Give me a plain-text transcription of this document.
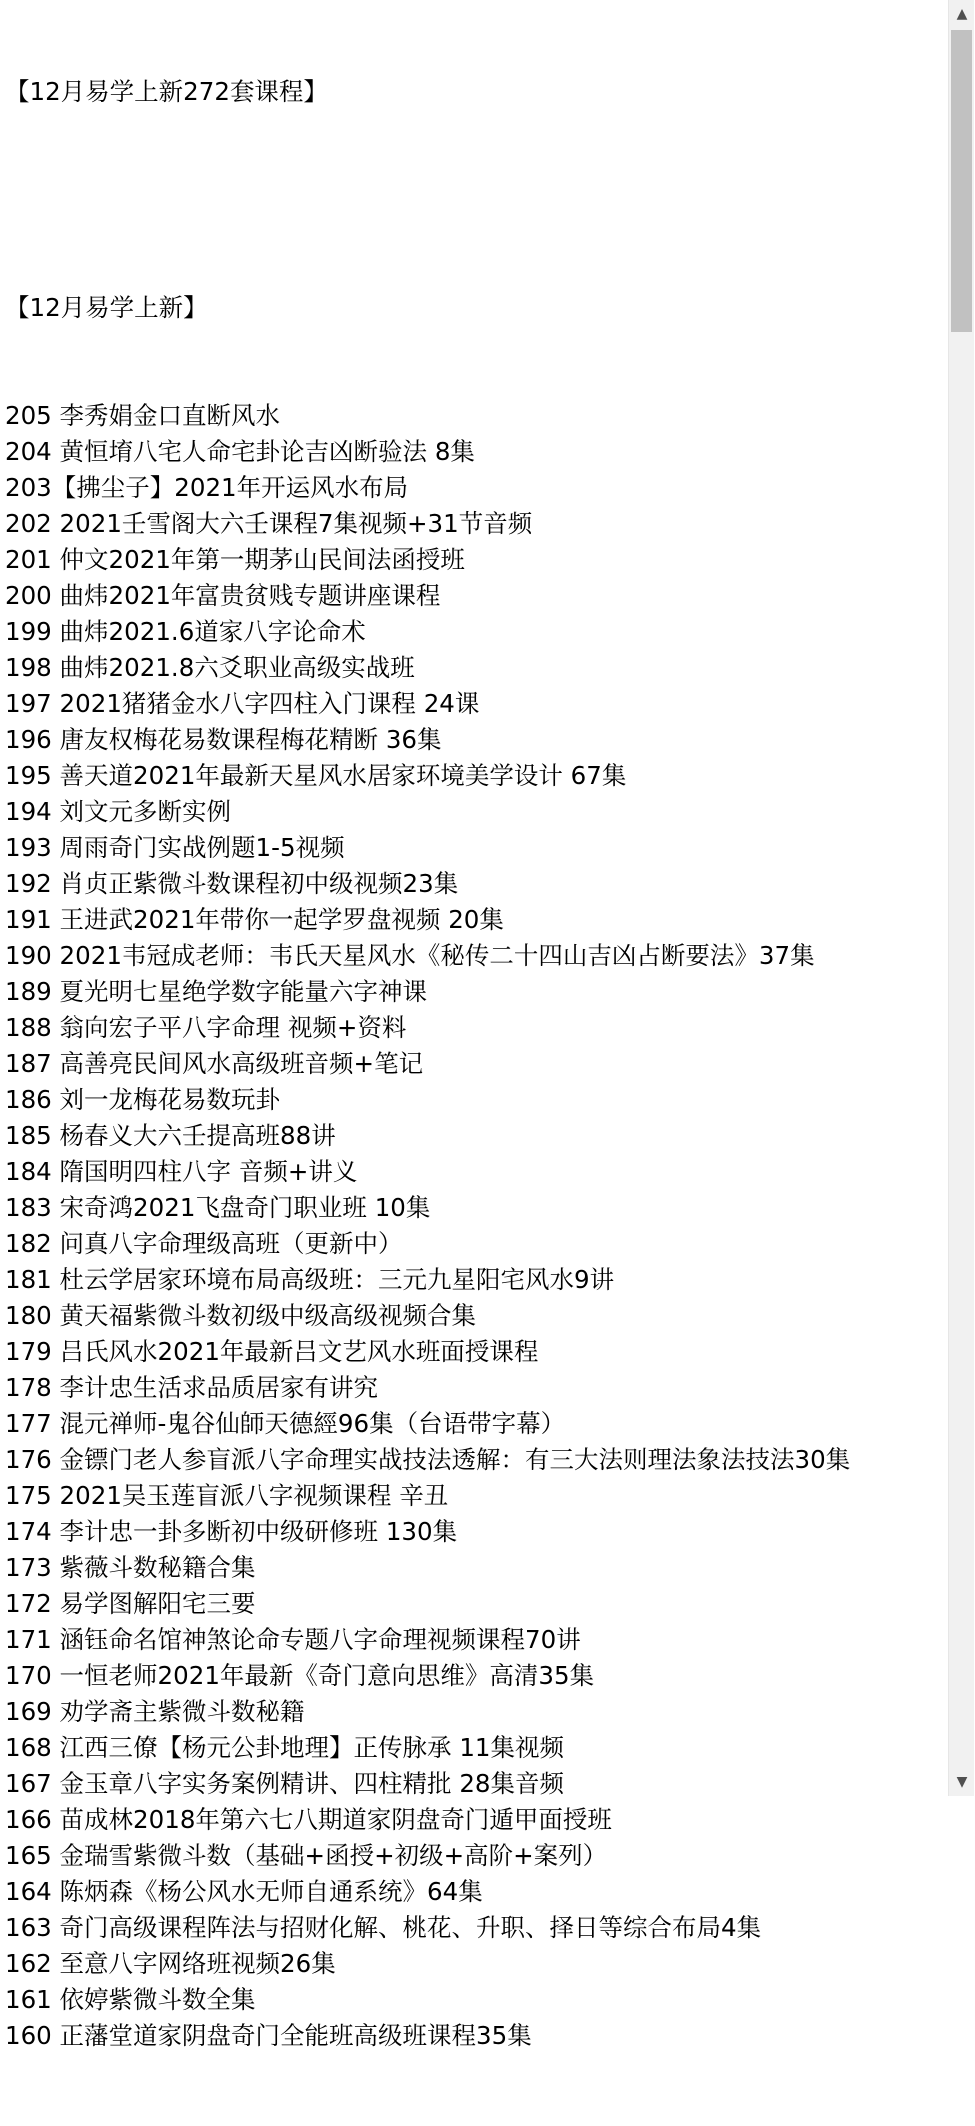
【12月易学上新272套课程】

【12月易学上新】

205 李秀娟金口直断风水
204 黄恒堉八宅人命宅卦论吉凶断验法 8集
203【拂尘子】2021年开运风水布局
202 2021壬雪阁大六壬课程7集视频+31节音频
201 仲文2021年第一期茅山民间法函授班
200 曲炜2021年富贵贫贱专题讲座课程
199 曲炜2021.6道家八字论命术
198 曲炜2021.8六爻职业高级实战班
197 2021猪猪金水八字四柱入门课程 24课
196 唐友权梅花易数课程梅花精断 36集
195 善天道2021年最新天星风水居家环境美学设计 67集
194 刘文元多断实例
193 周雨奇门实战例题1-5视频
192 肖贞正紫微斗数课程初中级视频23集
191 王进武2021年带你一起学罗盘视频 20集
190 2021韦冠成老师：韦氏天星风水《秘传二十四山吉凶占断要法》37集
189 夏光明七星绝学数字能量六字神课
188 翁向宏子平八字命理 视频+资料
187 高善亮民间风水高级班音频+笔记
186 刘一龙梅花易数玩卦
185 杨春义大六壬提高班88讲
184 隋国明四柱八字 音频+讲义
183 宋奇鸿2021飞盘奇门职业班 10集
182 问真八字命理级高班（更新中）
181 杜云学居家环境布局高级班：三元九星阳宅风水9讲
180 黄天福紫微斗数初级中级高级视频合集
179 吕氏风水2021年最新吕文艺风水班面授课程
178 李计忠生活求品质居家有讲究
177 混元禅师-鬼谷仙師天德經96集（台语带字幕）
176 金镖门老人参盲派八字命理实战技法透解：有三大法则理法象法技法30集
175 2021吴玉莲盲派八字视频课程 辛丑
174 李计忠一卦多断初中级研修班 130集
173 紫薇斗数秘籍合集
172 易学图解阳宅三要
171 涵钰命名馆神煞论命专题八字命理视频课程70讲
170 一恒老师2021年最新《奇门意向思维》高清35集
169 劝学斋主紫微斗数秘籍
168 江西三僚【杨元公卦地理】正传脉承 11集视频
167 金玉章八字实务案例精讲、四柱精批 28集音频
166 苗成林2018年第六七八期道家阴盘奇门遁甲面授班
165 金瑞雪紫微斗数（基础+函授+初级+高阶+案列）
164 陈炳森《杨公风水无师自通系统》64集
163 奇门高级课程阵法与招财化解、桃花、升职、择日等综合布局4集
162 至意八字网络班视频26集
161 依婷紫微斗数全集
160 正藩堂道家阴盘奇门全能班高级班课程35集

▲
▼
